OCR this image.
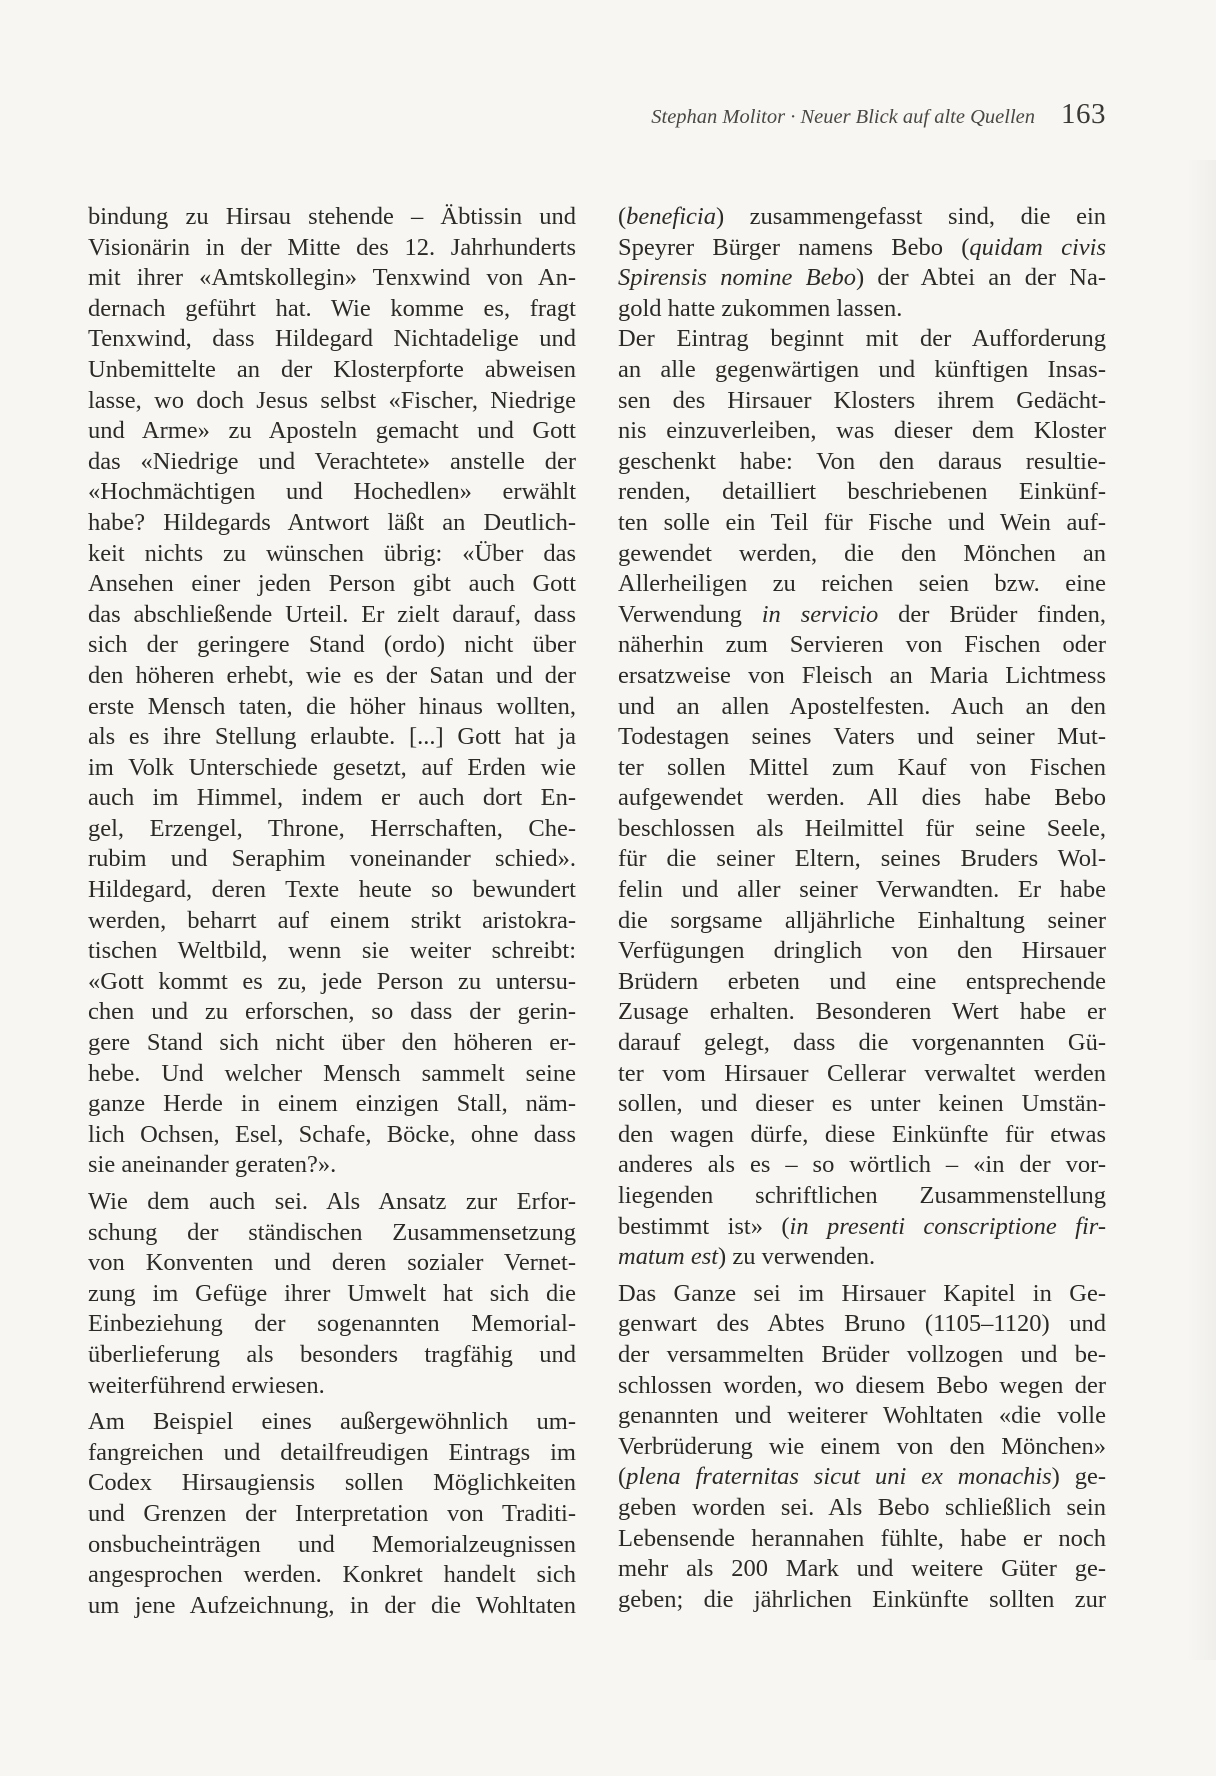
Stephan Molitor · Neuer Blick auf alte Quellen 163
bindung zu Hirsau stehende – Äbtissin und
Visionärin in der Mitte des 12. Jahrhunderts
mit ihrer «Amtskollegin» Tenxwind von An-
dernach geführt hat. Wie komme es, fragt
Tenxwind, dass Hildegard Nichtadelige und
Unbemittelte an der Klosterpforte abweisen
lasse, wo doch Jesus selbst «Fischer, Niedrige
und Arme» zu Aposteln gemacht und Gott
das «Niedrige und Verachtete» anstelle der
«Hochmächtigen und Hochedlen» erwählt
habe? Hildegards Antwort läßt an Deutlich-
keit nichts zu wünschen übrig: «Über das
Ansehen einer jeden Person gibt auch Gott
das abschließende Urteil. Er zielt darauf, dass
sich der geringere Stand (ordo) nicht über
den höheren erhebt, wie es der Satan und der
erste Mensch taten, die höher hinaus wollten,
als es ihre Stellung erlaubte. [...] Gott hat ja
im Volk Unterschiede gesetzt, auf Erden wie
auch im Himmel, indem er auch dort En-
gel, Erzengel, Throne, Herrschaften, Che-
rubim und Seraphim voneinander schied».
Hildegard, deren Texte heute so bewundert
werden, beharrt auf einem strikt aristokra-
tischen Weltbild, wenn sie weiter schreibt:
«Gott kommt es zu, jede Person zu untersu-
chen und zu erforschen, so dass der gerin-
gere Stand sich nicht über den höheren er-
hebe. Und welcher Mensch sammelt seine
ganze Herde in einem einzigen Stall, näm-
lich Ochsen, Esel, Schafe, Böcke, ohne dass
sie aneinander geraten?».
Wie dem auch sei. Als Ansatz zur Erfor-
schung der ständischen Zusammensetzung
von Konventen und deren sozialer Vernet-
zung im Gefüge ihrer Umwelt hat sich die
Einbeziehung der sogenannten Memorial-
überlieferung als besonders tragfähig und
weiterführend erwiesen.
Am Beispiel eines außergewöhnlich um-
fangreichen und detailfreudigen Eintrags im
Codex Hirsaugiensis sollen Möglichkeiten
und Grenzen der Interpretation von Traditi-
onsbucheinträgen und Memorialzeugnissen
angesprochen werden. Konkret handelt sich
um jene Aufzeichnung, in der die Wohltaten
(beneficia) zusammengefasst sind, die ein
Speyrer Bürger namens Bebo (quidam civis
Spirensis nomine Bebo) der Abtei an der Na-
gold hatte zukommen lassen.
Der Eintrag beginnt mit der Aufforderung
an alle gegenwärtigen und künftigen Insas-
sen des Hirsauer Klosters ihrem Gedächt-
nis einzuverleiben, was dieser dem Kloster
geschenkt habe: Von den daraus resultie-
renden, detailliert beschriebenen Einkünf-
ten solle ein Teil für Fische und Wein auf-
gewendet werden, die den Mönchen an
Allerheiligen zu reichen seien bzw. eine
Verwendung in servicio der Brüder finden,
näherhin zum Servieren von Fischen oder
ersatzweise von Fleisch an Maria Lichtmess
und an allen Apostelfesten. Auch an den
Todestagen seines Vaters und seiner Mut-
ter sollen Mittel zum Kauf von Fischen
aufgewendet werden. All dies habe Bebo
beschlossen als Heilmittel für seine Seele,
für die seiner Eltern, seines Bruders Wol-
felin und aller seiner Verwandten. Er habe
die sorgsame alljährliche Einhaltung seiner
Verfügungen dringlich von den Hirsauer
Brüdern erbeten und eine entsprechende
Zusage erhalten. Besonderen Wert habe er
darauf gelegt, dass die vorgenannten Gü-
ter vom Hirsauer Cellerar verwaltet werden
sollen, und dieser es unter keinen Umstän-
den wagen dürfe, diese Einkünfte für etwas
anderes als es – so wörtlich – «in der vor-
liegenden schriftlichen Zusammenstellung
bestimmt ist» (in presenti conscriptione fir-
matum est) zu verwenden.
Das Ganze sei im Hirsauer Kapitel in Ge-
genwart des Abtes Bruno (1105–1120) und
der versammelten Brüder vollzogen und be-
schlossen worden, wo diesem Bebo wegen der
genannten und weiterer Wohltaten «die volle
Verbrüderung wie einem von den Mönchen»
(plena fraternitas sicut uni ex monachis) ge-
geben worden sei. Als Bebo schließlich sein
Lebensende herannahen fühlte, habe er noch
mehr als 200 Mark und weitere Güter ge-
geben; die jährlichen Einkünfte sollten zur
